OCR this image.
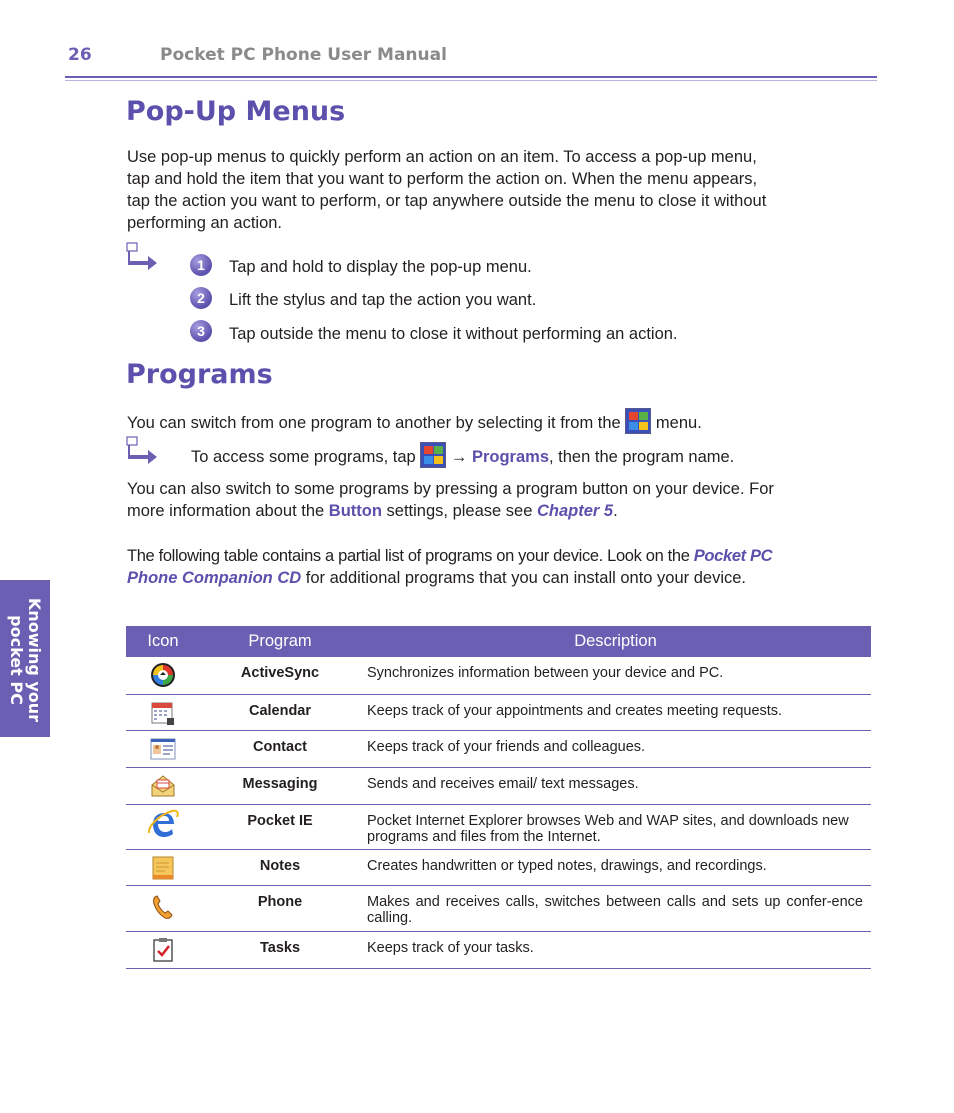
26	Pocket PC Phone User Manual
Knowing your
pocket PC
Pop-Up Menus
Use pop-up menus to quickly perform an action on an item. To access a pop-up menu,
tap and hold the item that you want to perform the action on. When the menu appears,
tap the action you want to perform, or tap anywhere outside the menu to close it without
performing an action.
1	Tap and hold to display the pop-up menu.
2	Lift the stylus and tap the action you want.
3	Tap outside the menu to close it without performing an action.
Programs
You can switch from one program to another by selecting it from the menu.
To access some programs, tap → Programs, then the program name.
You can also switch to some programs by pressing a program button on your device. For
more information about the Button settings, please see Chapter 5.
The following table contains a partial list of programs on your device. Look on the Pocket PC
Phone Companion CD for additional programs that you can install onto your device.
Icon	Program	Description
	ActiveSync	Synchronizes information between your device and PC.
	Calendar	Keeps track of your appointments and creates meeting requests.
	Contact	Keeps track of your friends and colleagues.
	Messaging	Sends and receives email/ text messages.
	Pocket IE	Pocket Internet Explorer browses Web and WAP sites, and downloads new programs and files from the Internet.
	Notes	Creates handwritten or typed notes, drawings, and recordings.
	Phone	Makes and receives calls, switches between calls and sets up confer-ence calling.
	Tasks	Keeps track of your tasks.
